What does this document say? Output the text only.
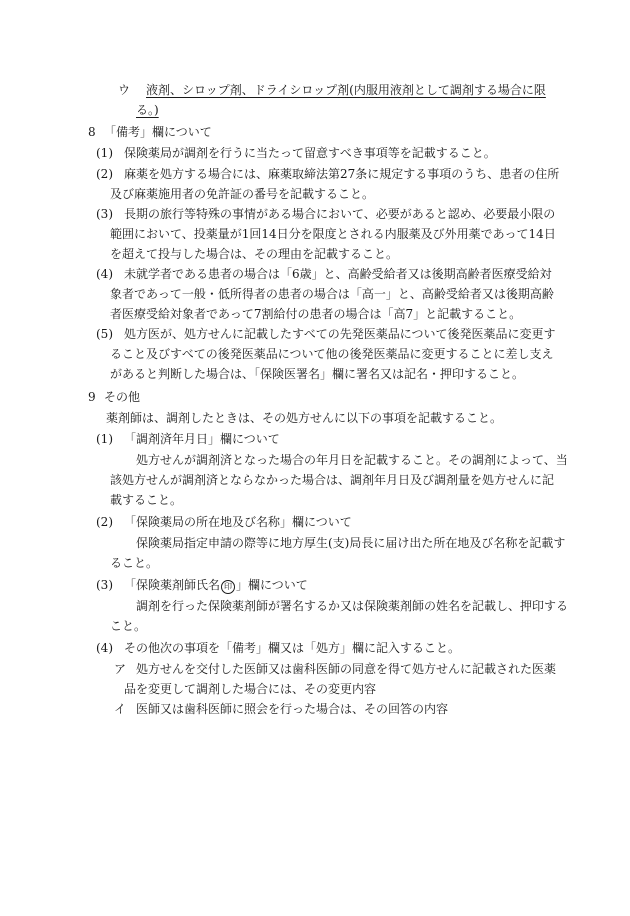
ウ 液剤、シロップ剤、ドライシロップ剤(内服用液剤として調剤する場合に限
る。)
8 「備考」欄について
(1) 保険薬局が調剤を行うに当たって留意すべき事項等を記載すること。
(2) 麻薬を処方する場合には、麻薬取締法第27条に規定する事項のうち、患者の住所
及び麻薬施用者の免許証の番号を記載すること。
(3) 長期の旅行等特殊の事情がある場合において、必要があると認め、必要最小限の
範囲において、投薬量が1回14日分を限度とされる内服薬及び外用薬であって14日
を超えて投与した場合は、その理由を記載すること。
(4) 未就学者である患者の場合は「6歳」と、高齢受給者又は後期高齢者医療受給対
象者であって一般・低所得者の患者の場合は「高一」と、高齢受給者又は後期高齢
者医療受給対象者であって7割給付の患者の場合は「高7」と記載すること。
(5) 処方医が、処方せんに記載したすべての先発医薬品について後発医薬品に変更す
ること及びすべての後発医薬品について他の後発医薬品に変更することに差し支え
があると判断した場合は、「保険医署名」欄に署名又は記名・押印すること。
9 その他
薬剤師は、調剤したときは、その処方せんに以下の事項を記載すること。
(1) 「調剤済年月日」欄について
処方せんが調剤済となった場合の年月日を記載すること。その調剤によって、当
該処方せんが調剤済とならなかった場合は、調剤年月日及び調剤量を処方せんに記
載すること。
(2) 「保険薬局の所在地及び名称」欄について
保険薬局指定申請の際等に地方厚生(支)局長に届け出た所在地及び名称を記載す
ること。
(3) 「保険薬剤師氏名 印 」欄について
調剤を行った保険薬剤師が署名するか又は保険薬剤師の姓名を記載し、押印する
こと。
(4) その他次の事項を「備考」欄又は「処方」欄に記入すること。
ア 処方せんを交付した医師又は歯科医師の同意を得て処方せんに記載された医薬
品を変更して調剤した場合には、その変更内容
イ 医師又は歯科医師に照会を行った場合は、その回答の内容
